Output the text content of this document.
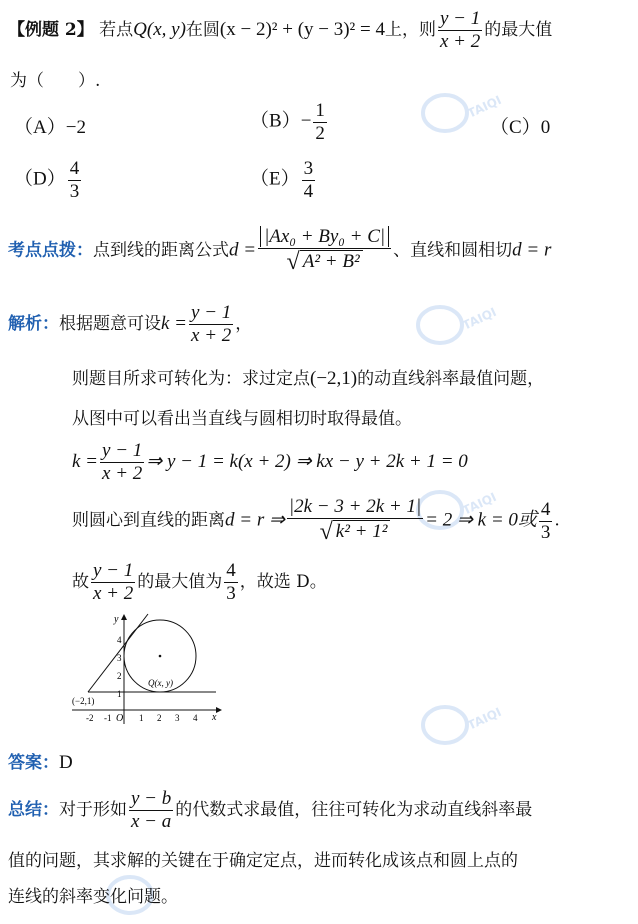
TAIQI
TAIQI
TAIQI
TAIQI
【例题 2】 若点Q(x, y)在圆(x − 2)² + (y − 3)² = 4上，则 $\frac{y - 1}{x + 2}$ 的最大值
为（　　）.
（A）−2	$(B)- \frac{1}{2}$	（C）0
$(D) \frac{4}{3}$	$(E) \frac{3}{4}$
考点点拨：点到线的距离公式$d = \frac{\text{|Ax₀ + By₀ + C|}}{\text{√ A² + B²}}$ 、直线和圆相切d = r
解析：根据题意可设$k = \frac{y - 1}{x + 2}$ ，
则题目所求可转化为：求过定点(−2,1)的动直线斜率最值问题，
从图中可以看出当直线与圆相切时取得最值。
$k = \frac{y - 1}{x + 2}$ ⇒ y − 1 = k(x + 2) ⇒ kx − y + 2k + 1 = 0
则圆心到直线的距离d = r ⇒ $\frac{|2k - 3 + 2k + 1|}{\text{√ k² + 1²}} = 2$ ⇒ k = 0或 $\frac{4}{3}$ .
故 $\frac{y - 1}{x + 2}$ 的最大值为 $\frac{4}{3}$ ，故选 D。
x
y
O
-2 -1	1 2 3 4
1
2
3
4
Q(x, y)
(−2,1)
答案：D
总结：对于形如 $\frac{y - b}{x - a}$ 的代数式求最值，往往可转化为求动直线斜率最
值的问题，其求解的关键在于确定定点，进而转化成该点和圆上点的
连线的斜率变化问题。
